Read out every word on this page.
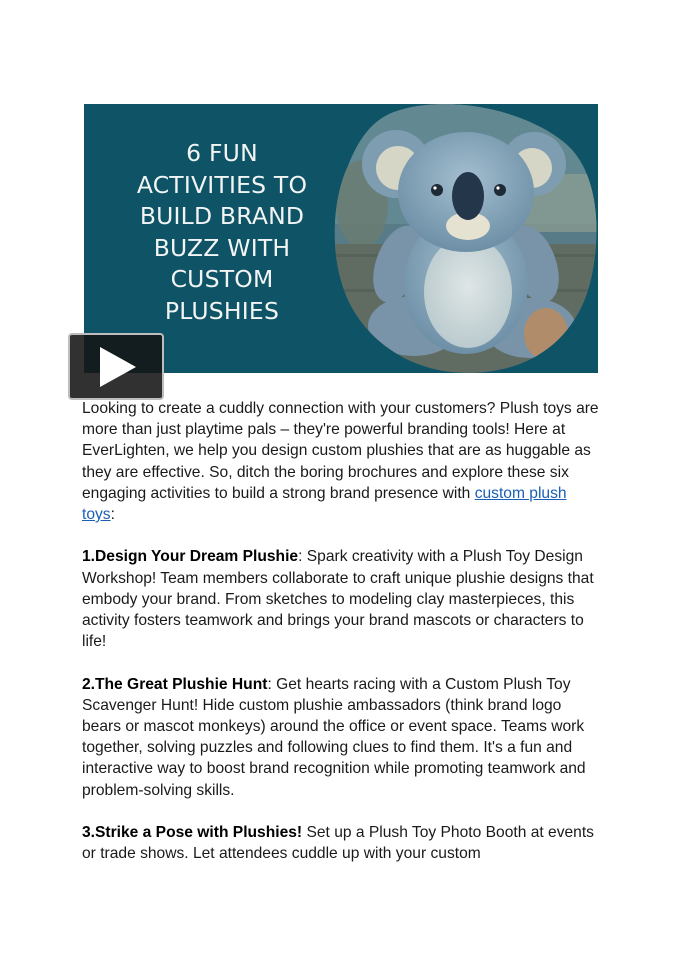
6 FUN
ACTIVITIES TO
BUILD BRAND
BUZZ WITH
CUSTOM
PLUSHIES

Looking to create a cuddly connection with your customers? Plush toys are more than just playtime pals – they're powerful branding tools! Here at EverLighten, we help you design custom plushies that are as huggable as they are effective. So, ditch the boring brochures and explore these six engaging activities to build a strong brand presence with custom plush toys:

1.Design Your Dream Plushie: Spark creativity with a Plush Toy Design Workshop! Team members collaborate to craft unique plushie designs that embody your brand. From sketches to modeling clay masterpieces, this activity fosters teamwork and brings your brand mascots or characters to life!

2.The Great Plushie Hunt: Get hearts racing with a Custom Plush Toy Scavenger Hunt! Hide custom plushie ambassadors (think brand logo bears or mascot monkeys) around the office or event space. Teams work together, solving puzzles and following clues to find them. It's a fun and interactive way to boost brand recognition while promoting teamwork and problem-solving skills.

3.Strike a Pose with Plushies! Set up a Plush Toy Photo Booth at events or trade shows. Let attendees cuddle up with your custom
